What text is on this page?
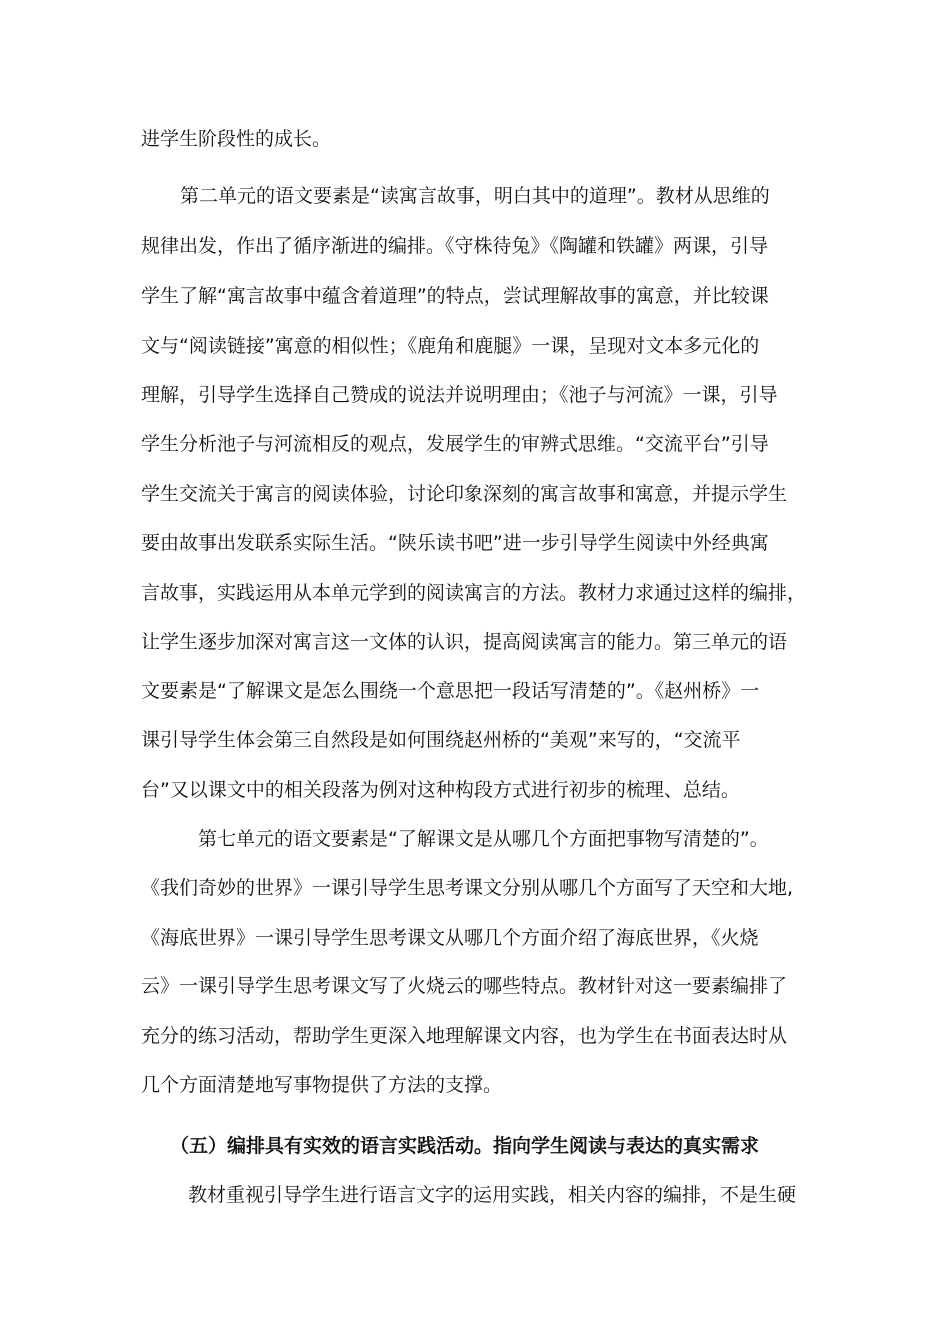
进学生阶段性的成长。
第二单元的语文要素是“读寓言故事，明白其中的道理”。教材从思维的
规律出发，作出了循序渐进的编排。《守株待兔》《陶罐和铁罐》两课，引导
学生了解“寓言故事中蕴含着道理”的特点，尝试理解故事的寓意，并比较课
文与“阅读链接”寓意的相似性；《鹿角和鹿腿》一课，呈现对文本多元化的
理解，引导学生选择自己赞成的说法并说明理由；《池子与河流》一课，引导
学生分析池子与河流相反的观点，发展学生的审辨式思维。“交流平台”引导
学生交流关于寓言的阅读体验，讨论印象深刻的寓言故事和寓意，并提示学生
要由故事出发联系实际生活。“陕乐读书吧”进一步引导学生阅读中外经典寓
言故事，实践运用从本单元学到的阅读寓言的方法。教材力求通过这样的编排，
让学生逐步加深对寓言这一文体的认识，提高阅读寓言的能力。第三单元的语
文要素是“了解课文是怎么围绕一个意思把一段话写清楚的”。《赵州桥》一
课引导学生体会第三自然段是如何围绕赵州桥的“美观”来写的，“交流平
台”又以课文中的相关段落为例对这种构段方式进行初步的梳理、总结。
第七单元的语文要素是“了解课文是从哪几个方面把事物写清楚的”。
《我们奇妙的世界》一课引导学生思考课文分别从哪几个方面写了天空和大地,
《海底世界》一课引导学生思考课文从哪几个方面介绍了海底世界，《火烧
云》一课引导学生思考课文写了火烧云的哪些特点。教材针对这一要素编排了
充分的练习活动，帮助学生更深入地理解课文内容，也为学生在书面表达时从
几个方面清楚地写事物提供了方法的支撑。
（五）编排具有实效的语言实践活动。指向学生阅读与表达的真实需求
教材重视引导学生进行语言文字的运用实践，相关内容的编排，不是生硬
